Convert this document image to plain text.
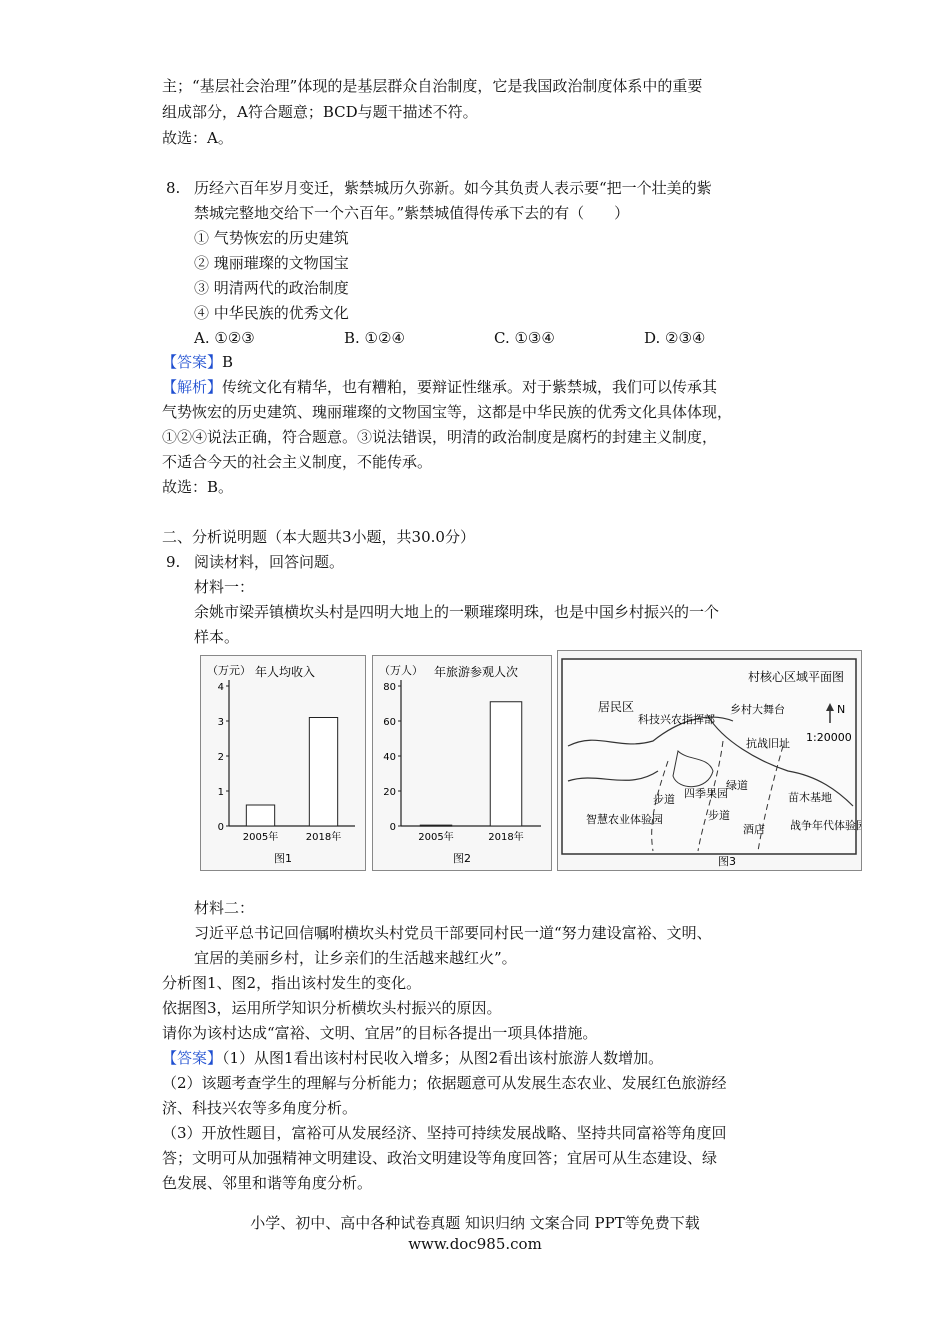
主；“基层社会治理”体现的是基层群众自治制度，它是我国政治制度体系中的重要
组成部分，A符合题意；BCD与题干描述不符。
故选：A。
8. 历经六百年岁月变迁，紫禁城历久弥新。如今其负责人表示要“把一个壮美的紫
禁城完整地交给下一个六百年。”紫禁城值得传承下去的有（　　）
① 气势恢宏的历史建筑
② 瑰丽璀璨的文物国宝
③ 明清两代的政治制度
④ 中华民族的优秀文化
A. ①②③	B. ①②④	C. ①③④	D. ②③④
【答案】B
【解析】传统文化有精华，也有糟粕，要辩证性继承。对于紫禁城，我们可以传承其
气势恢宏的历史建筑、瑰丽璀璨的文物国宝等，这都是中华民族的优秀文化具体体现，
①②④说法正确，符合题意。③说法错误，明清的政治制度是腐朽的封建主义制度，
不适合今天的社会主义制度，不能传承。
故选：B。
二、分析说明题（本大题共3小题，共30.0分）
9. 阅读材料，回答问题。
材料一：
余姚市梁弄镇横坎头村是四明大地上的一颗璀璨明珠，也是中国乡村振兴的一个
样本。
（万元） 年人均收入
0
1
2
3
4
2005年	2018年
图1
（万人） 年旅游参观人次
0
20
40
60
80
2005年	2018年
图2
村核心区域平面图
居民区
科技兴农指挥部
乡村大舞台
抗战旧址
步道 四季果园
绿道
步道
苗木基地
智慧农业体验园
酒店 战争年代体验园
N
1:20000
图3
材料二：
习近平总书记回信嘱咐横坎头村党员干部要同村民一道“努力建设富裕、文明、
宜居的美丽乡村，让乡亲们的生活越来越红火”。
分析图1、图2，指出该村发生的变化。
依据图3，运用所学知识分析横坎头村振兴的原因。
请你为该村达成“富裕、文明、宜居”的目标各提出一项具体措施。
【答案】（1）从图1看出该村村民收入增多；从图2看出该村旅游人数增加。
（2）该题考查学生的理解与分析能力；依据题意可从发展生态农业、发展红色旅游经
济、科技兴农等多角度分析。
（3）开放性题目，富裕可从发展经济、坚持可持续发展战略、坚持共同富裕等角度回
答；文明可从加强精神文明建设、政治文明建设等角度回答；宜居可从生态建设、绿
色发展、邻里和谐等角度分析。
小学、初中、高中各种试卷真题 知识归纳 文案合同 PPT等免费下载
www.doc985.com
